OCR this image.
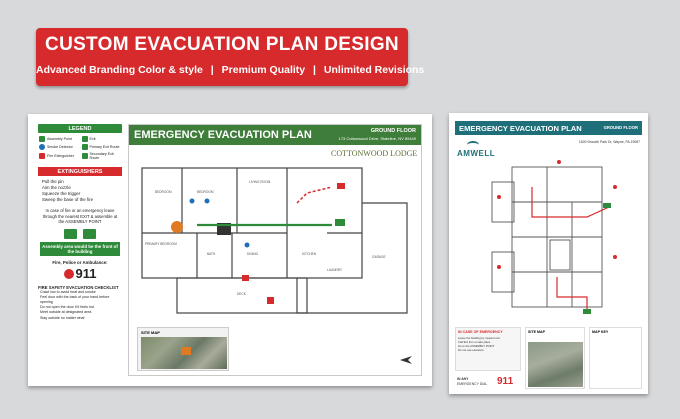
CUSTOM EVACUATION PLAN DESIGN
Advanced Branding Color & style | Premium Quality | Unlimited Revisions
LEGEND
Assembly Point	Exit
Smoke Detector	Primary Exit Route
Fire Extinguisher	Secondary Exit Route
EXTINGUISHERS
Pull the pin
Aim the nozzle
Squeeze the trigger
Sweep the base of the fire
In case of fire or an emergency leave through the nearest EXIT & assemble at the ASSEMBLY POINT
Assembly area would be the front of the building
Fire, Police or Ambulance:
911
FIRE SAFETY EVACUATION CHECKLIST
Crawl low to avoid heat and smoke
Feel door with the back of your hand before opening
Do not open the door if it feels hot
Meet outside at designated area
Stay outside no matter what
EMERGENCY EVACUATION PLAN	GROUND FLOOR
173 Cottonwood Drive, Stateline, NV 89449
COTTONWOOD LODGE
BEDROOM	BEDROOM
LIVING ROOM
DINING
BATH
PRIMARY BEDROOM
KITCHEN
GARAGE
LAUNDRY
DECK
SITE MAP
EMERGENCY EVACUATION PLAN	GROUND FLOOR
AMWELL
1600 Smooth Park Dr, Wayne, PA 19087
IN CASE OF EMERGENCY
Leave the building by nearest exit
Call 911 from a safe place
Go to the ASSEMBLY POINT
Do not use elevators
IN ANY
EMERGENCY DIAL 911
SITE MAP	MAP KEY
